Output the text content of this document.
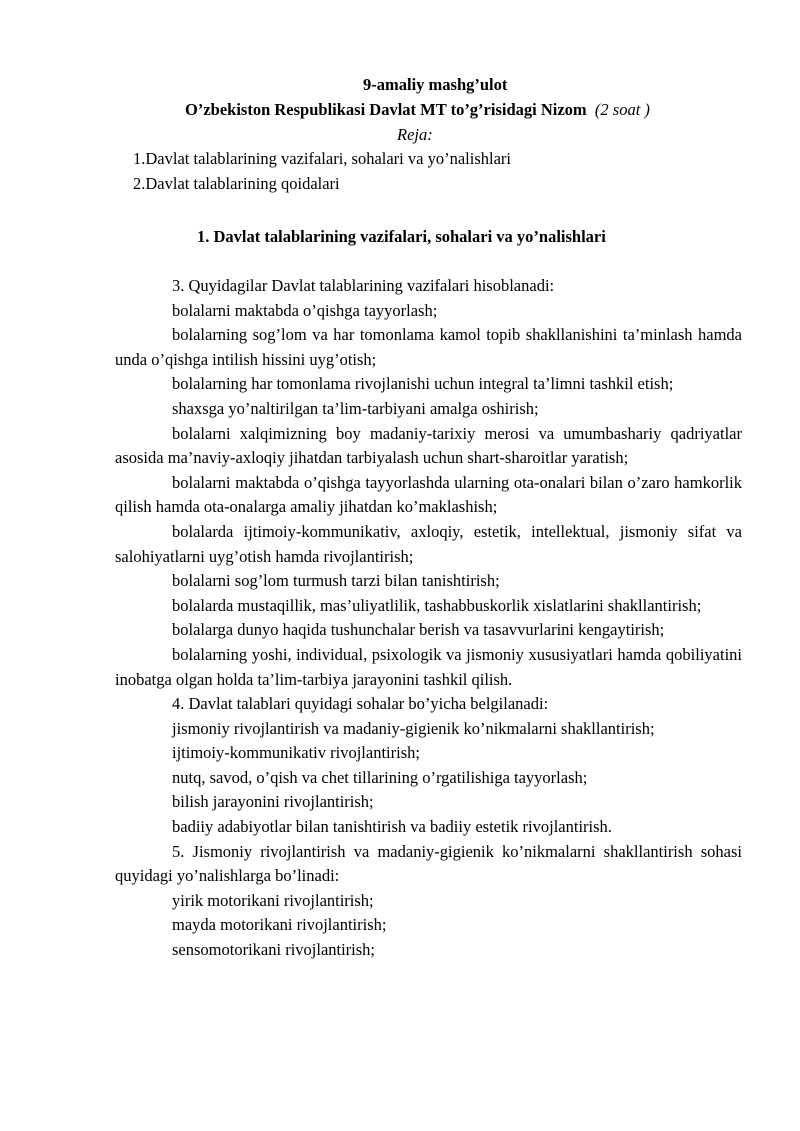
9-amaliy mashg’ulot
O’zbekiston Respublikasi Davlat MT to’g’risidagi Nizom (2 soat )
Reja:
1.Davlat talablarining vazifalari, sohalari va yo’nalishlari
2.Davlat talablarining qoidalari
1. Davlat talablarining vazifalari, sohalari va yo’nalishlari

3. Quyidagilar Davlat talablarining vazifalari hisoblanadi:

bolalarni maktabda o’qishga tayyorlash;

bolalarning sog’lom va har tomonlama kamol topib shakllanishini ta’minlash hamda unda o’qishga intilish hissini uyg’otish;

bolalarning har tomonlama rivojlanishi uchun integral ta’limni tashkil etish;

shaxsga yo’naltirilgan ta’lim-tarbiyani amalga oshirish;

bolalarni xalqimizning boy madaniy-tarixiy merosi va umumbashariy qadriyatlar asosida ma’naviy-axloqiy jihatdan tarbiyalash uchun shart-sharoitlar yaratish;

bolalarni maktabda o’qishga tayyorlashda ularning ota-onalari bilan o’zaro hamkorlik qilish hamda ota-onalarga amaliy jihatdan ko’maklashish;

bolalarda ijtimoiy-kommunikativ, axloqiy, estetik, intellektual, jismoniy sifat va salohiyatlarni uyg’otish hamda rivojlantirish;

bolalarni sog’lom turmush tarzi bilan tanishtirish;

bolalarda mustaqillik, mas’uliyatlilik, tashabbuskorlik xislatlarini shakllantirish;

bolalarga dunyo haqida tushunchalar berish va tasavvurlarini kengaytirish;

bolalarning yoshi, individual, psixologik va jismoniy xususiyatlari hamda qobiliyatini inobatga olgan holda ta’lim-tarbiya jarayonini tashkil qilish.

4. Davlat talablari quyidagi sohalar bo’yicha belgilanadi:

jismoniy rivojlantirish va madaniy-gigienik ko’nikmalarni shakllantirish;

ijtimoiy-kommunikativ rivojlantirish;

nutq, savod, o’qish va chet tillarining o’rgatilishiga tayyorlash;

bilish jarayonini rivojlantirish;

badiiy adabiyotlar bilan tanishtirish va badiiy estetik rivojlantirish.

5. Jismoniy rivojlantirish va madaniy-gigienik ko’nikmalarni shakllantirish sohasi quyidagi yo’nalishlarga bo’linadi:

yirik motorikani rivojlantirish;

mayda motorikani rivojlantirish;

sensomotorikani rivojlantirish;
